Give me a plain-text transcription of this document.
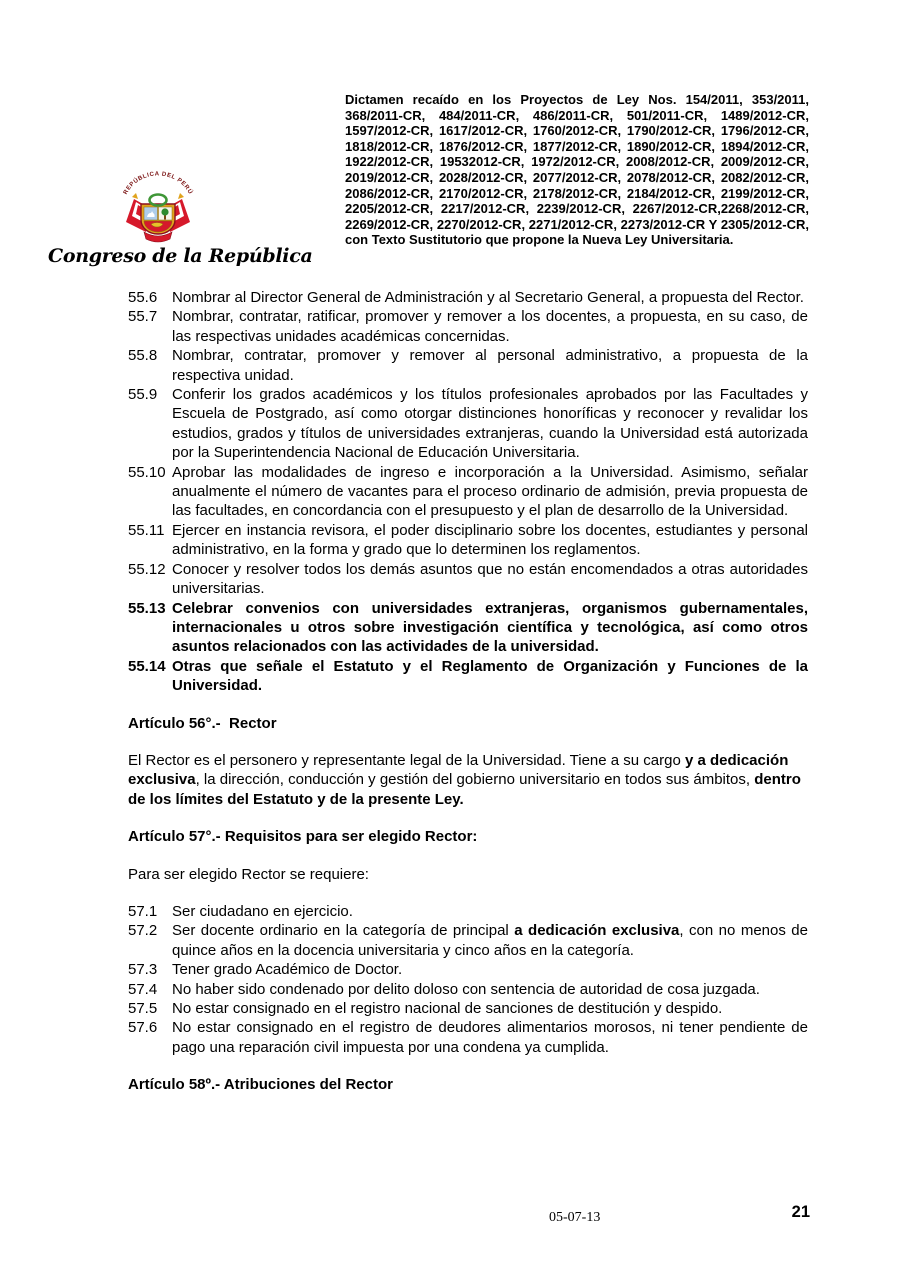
Dictamen recaído en los Proyectos de Ley Nos. 154/2011, 353/2011, 368/2011-CR, 484/2011-CR, 486/2011-CR, 501/2011-CR, 1489/2012-CR, 1597/2012-CR, 1617/2012-CR, 1760/2012-CR, 1790/2012-CR, 1796/2012-CR, 1818/2012-CR, 1876/2012-CR, 1877/2012-CR, 1890/2012-CR, 1894/2012-CR, 1922/2012-CR, 19532012-CR, 1972/2012-CR, 2008/2012-CR, 2009/2012-CR, 2019/2012-CR, 2028/2012-CR, 2077/2012-CR, 2078/2012-CR, 2082/2012-CR, 2086/2012-CR, 2170/2012-CR, 2178/2012-CR, 2184/2012-CR, 2199/2012-CR, 2205/2012-CR, 2217/2012-CR, 2239/2012-CR, 2267/2012-CR,2268/2012-CR, 2269/2012-CR, 2270/2012-CR, 2271/2012-CR, 2273/2012-CR Y 2305/2012-CR, con Texto Sustitutorio que propone la Nueva Ley Universitaria.
REPÚBLICA DEL PERÚ
Congreso de la República
55.6 Nombrar al Director General de Administración y al Secretario General, a propuesta del Rector.
55.7 Nombrar, contratar, ratificar, promover y remover a los docentes, a propuesta, en su caso, de las respectivas unidades académicas concernidas.
55.8 Nombrar, contratar, promover y remover al personal administrativo, a propuesta de la respectiva unidad.
55.9 Conferir los grados académicos y los títulos profesionales aprobados por las Facultades y Escuela de Postgrado, así como otorgar distinciones honoríficas y reconocer y revalidar los estudios, grados y títulos de universidades extranjeras, cuando la Universidad está autorizada por la Superintendencia Nacional de Educación Universitaria.
55.10 Aprobar las modalidades de ingreso e incorporación a la Universidad. Asimismo, señalar anualmente el número de vacantes para el proceso ordinario de admisión, previa propuesta de las facultades, en concordancia con el presupuesto y el plan de desarrollo de la Universidad.
55.11 Ejercer en instancia revisora, el poder disciplinario sobre los docentes, estudiantes y personal administrativo, en la forma y grado que lo determinen los reglamentos.
55.12 Conocer y resolver todos los demás asuntos que no están encomendados a otras autoridades universitarias.
55.13 Celebrar convenios con universidades extranjeras, organismos gubernamentales, internacionales u otros sobre investigación científica y tecnológica, así como otros asuntos relacionados con las actividades de la universidad.
55.14 Otras que señale el Estatuto y el Reglamento de Organización y Funciones de la Universidad.
Artículo 56°.-  Rector

El Rector es el personero y representante legal de la Universidad. Tiene a su cargo y a dedicación exclusiva, la dirección, conducción y gestión del gobierno universitario en todos sus ámbitos, dentro de los límites del Estatuto y de la presente Ley.

Artículo 57°.- Requisitos para ser elegido Rector:

Para ser elegido Rector se requiere:

57.1 Ser ciudadano en ejercicio.
57.2 Ser docente ordinario en la categoría de principal a dedicación exclusiva, con no menos de quince años en la docencia universitaria y cinco años en la categoría.
57.3 Tener grado Académico de Doctor.
57.4 No haber sido condenado por delito doloso con sentencia de autoridad de cosa juzgada.
57.5 No estar consignado en el registro nacional de sanciones de destitución y despido.
57.6 No estar consignado en el registro de deudores alimentarios morosos, ni tener pendiente de pago una reparación civil impuesta por una condena ya cumplida.
Artículo 58º.- Atribuciones del Rector
05-07-13	21
